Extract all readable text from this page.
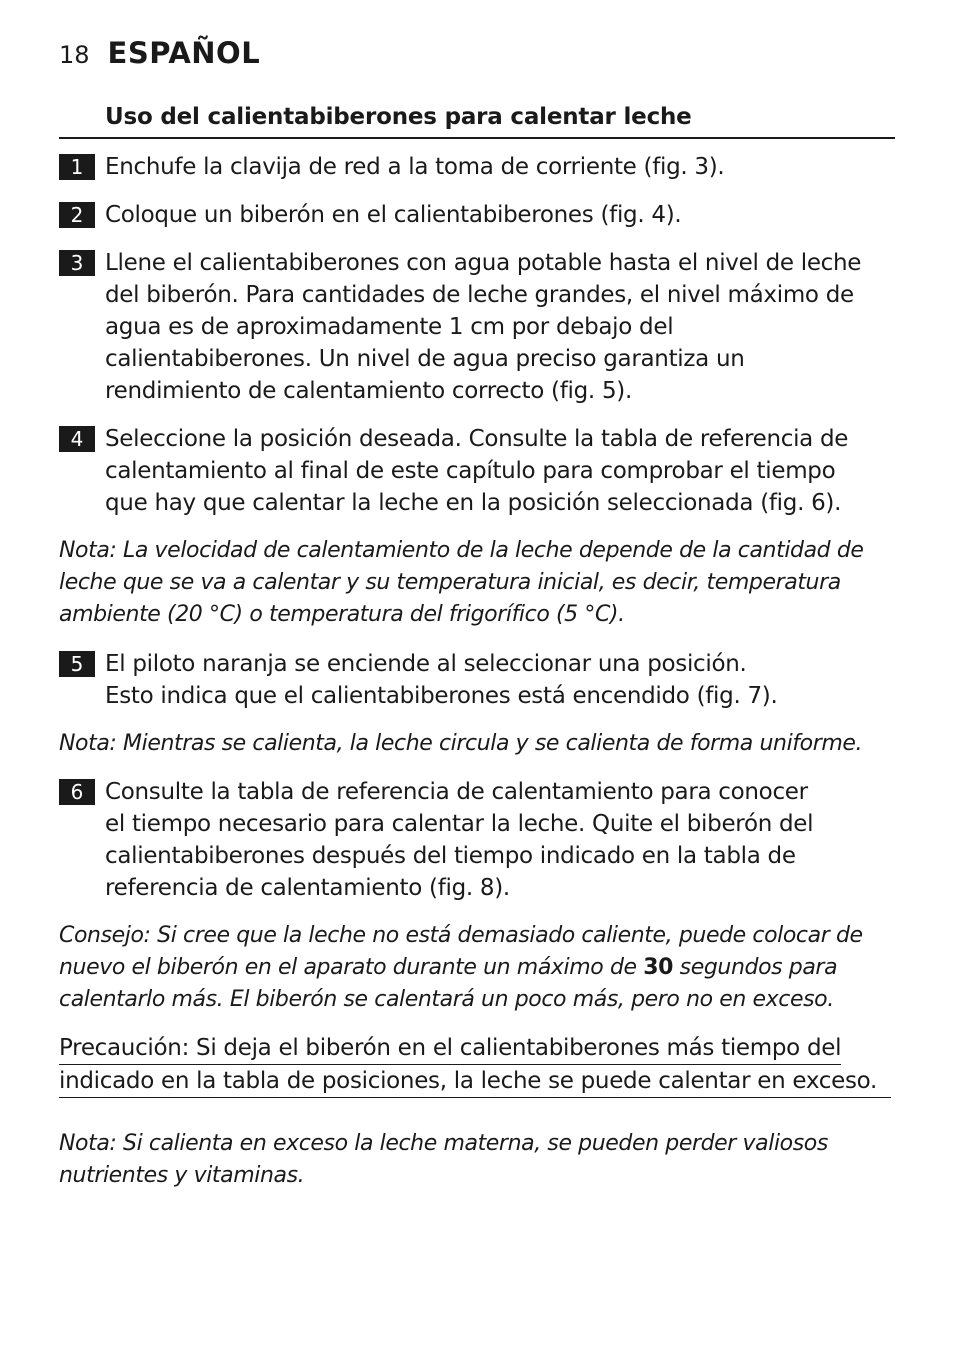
18 ESPAÑOL
Uso del calientabiberones para calentar leche
1 Enchufe la clavija de red a la toma de corriente (fig. 3).
2 Coloque un biberón en el calientabiberones (fig. 4).
3 Llene el calientabiberones con agua potable hasta el nivel de leche
del biberón. Para cantidades de leche grandes, el nivel máximo de
agua es de aproximadamente 1 cm por debajo del
calientabiberones. Un nivel de agua preciso garantiza un
rendimiento de calentamiento correcto (fig. 5).
4 Seleccione la posición deseada. Consulte la tabla de referencia de
calentamiento al final de este capítulo para comprobar el tiempo
que hay que calentar la leche en la posición seleccionada (fig. 6).
Nota: La velocidad de calentamiento de la leche depende de la cantidad de
leche que se va a calentar y su temperatura inicial, es decir, temperatura
ambiente (20 °C) o temperatura del frigorífico (5 °C).
5 El piloto naranja se enciende al seleccionar una posición.
Esto indica que el calientabiberones está encendido (fig. 7).
Nota: Mientras se calienta, la leche circula y se calienta de forma uniforme.
6 Consulte la tabla de referencia de calentamiento para conocer
el tiempo necesario para calentar la leche. Quite el biberón del
calientabiberones después del tiempo indicado en la tabla de
referencia de calentamiento (fig. 8).
Consejo: Si cree que la leche no está demasiado caliente, puede colocar de
nuevo el biberón en el aparato durante un máximo de 30 segundos para
calentarlo más. El biberón se calentará un poco más, pero no en exceso.
Precaución: Si deja el biberón en el calientabiberones más tiempo del
indicado en la tabla de posiciones, la leche se puede calentar en exceso.
Nota: Si calienta en exceso la leche materna, se pueden perder valiosos
nutrientes y vitaminas.
